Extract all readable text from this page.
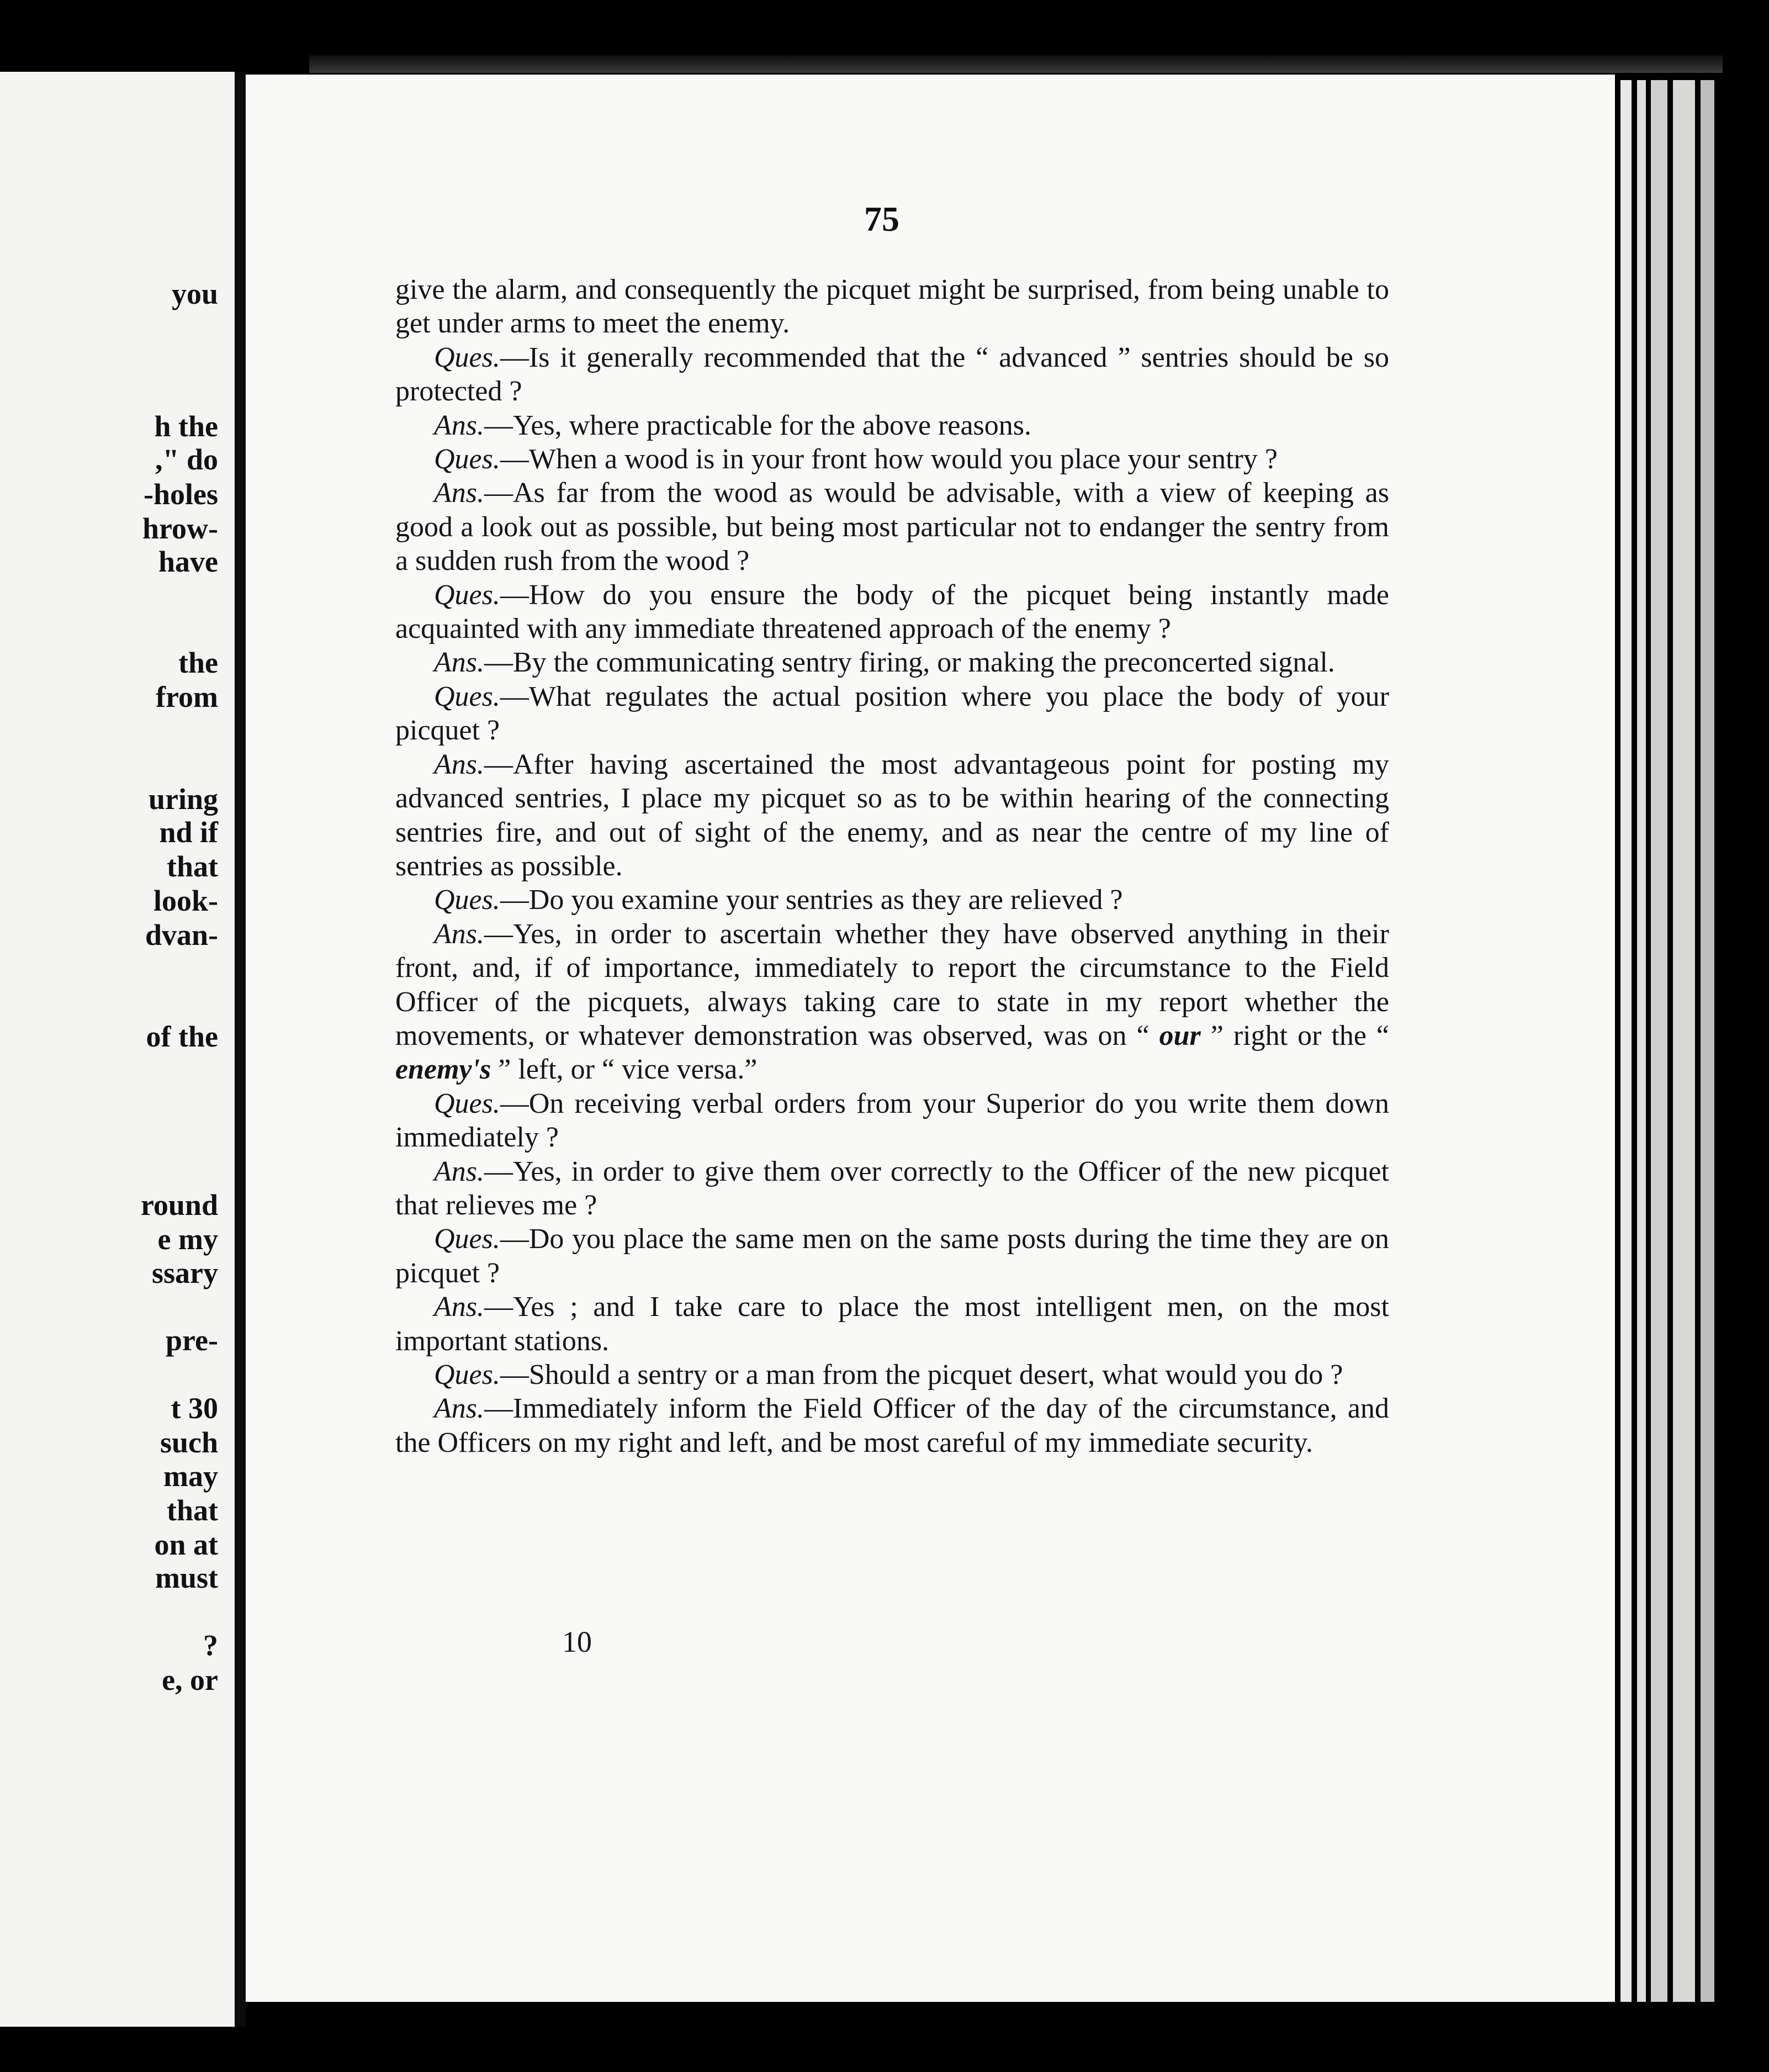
you
h the
," do
-holes
hrow-
have
the
from
uring
nd if
that
look-
dvan-
of the
round
e my
ssary
pre-
t 30
such
may
that
on at
must
?
e, or
75

give the alarm, and consequently the picquet might be surprised, from being unable to get under arms to meet the enemy.

Ques.—Is it generally recommended that the “ advanced ” sentries should be so protected ?

Ans.—Yes, where practicable for the above reasons.

Ques.—When a wood is in your front how would you place your sentry ?

Ans.—As far from the wood as would be advisable, with a view of keeping as good a look out as possible, but being most particular not to endanger the sentry from a sudden rush from the wood ?

Ques.—How do you ensure the body of the picquet being instantly made acquainted with any immediate threatened approach of the enemy ?

Ans.—By the communicating sentry firing, or making the preconcerted signal.

Ques.—What regulates the actual position where you place the body of your picquet ?

Ans.—After having ascertained the most advantageous point for posting my advanced sentries, I place my picquet so as to be within hearing of the connecting sentries fire, and out of sight of the enemy, and as near the centre of my line of sentries as possible.

Ques.—Do you examine your sentries as they are relieved ?

Ans.—Yes, in order to ascertain whether they have observed anything in their front, and, if of importance, immediately to report the circumstance to the Field Officer of the picquets, always taking care to state in my report whether the movements, or whatever demonstration was observed, was on “ our ” right or the “ enemy's ” left, or “ vice versa.”

Ques.—On receiving verbal orders from your Superior do you write them down immediately ?

Ans.—Yes, in order to give them over correctly to the Officer of the new picquet that relieves me ?

Ques.—Do you place the same men on the same posts during the time they are on picquet ?

Ans.—Yes ; and I take care to place the most intelligent men, on the most important stations.

Ques.—Should a sentry or a man from the picquet desert, what would you do ?

Ans.—Immediately inform the Field Officer of the day of the circumstance, and the Officers on my right and left, and be most careful of my immediate security.

10
